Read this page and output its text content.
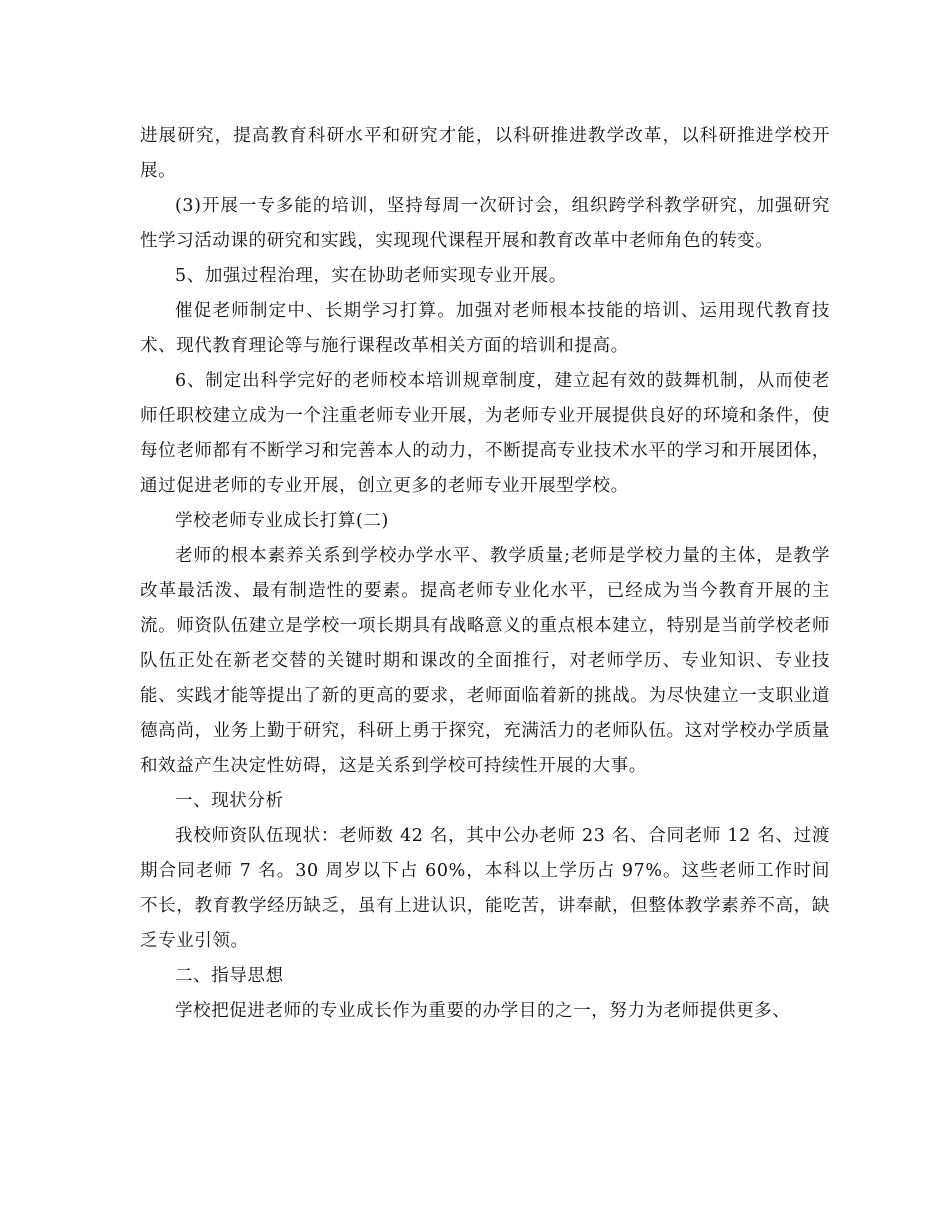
进展研究，提高教育科研水平和研究才能，以科研推进教学改革，以科研推进学校开展。

(3)开展一专多能的培训，坚持每周一次研讨会，组织跨学科教学研究，加强研究性学习活动课的研究和实践，实现现代课程开展和教育改革中老师角色的转变。

5、加强过程治理，实在协助老师实现专业开展。

催促老师制定中、长期学习打算。加强对老师根本技能的培训、运用现代教育技术、现代教育理论等与施行课程改革相关方面的培训和提高。

6、制定出科学完好的老师校本培训规章制度，建立起有效的鼓舞机制，从而使老师任职校建立成为一个注重老师专业开展，为老师专业开展提供良好的环境和条件，使每位老师都有不断学习和完善本人的动力，不断提高专业技术水平的学习和开展团体，通过促进老师的专业开展，创立更多的老师专业开展型学校。

学校老师专业成长打算(二)

老师的根本素养关系到学校办学水平、教学质量;老师是学校力量的主体，是教学改革最活泼、最有制造性的要素。提高老师专业化水平，已经成为当今教育开展的主流。师资队伍建立是学校一项长期具有战略意义的重点根本建立，特别是当前学校老师队伍正处在新老交替的关键时期和课改的全面推行，对老师学历、专业知识、专业技能、实践才能等提出了新的更高的要求，老师面临着新的挑战。为尽快建立一支职业道德高尚，业务上勤于研究，科研上勇于探究，充满活力的老师队伍。这对学校办学质量和效益产生决定性妨碍，这是关系到学校可持续性开展的大事。

一、现状分析

我校师资队伍现状：老师数 42 名，其中公办老师 23 名、合同老师 12 名、过渡期合同老师 7 名。30 周岁以下占 60%，本科以上学历占 97%。这些老师工作时间不长，教育教学经历缺乏，虽有上进认识，能吃苦，讲奉献，但整体教学素养不高，缺乏专业引领。

二、指导思想

学校把促进老师的专业成长作为重要的办学目的之一，努力为老师提供更多、
